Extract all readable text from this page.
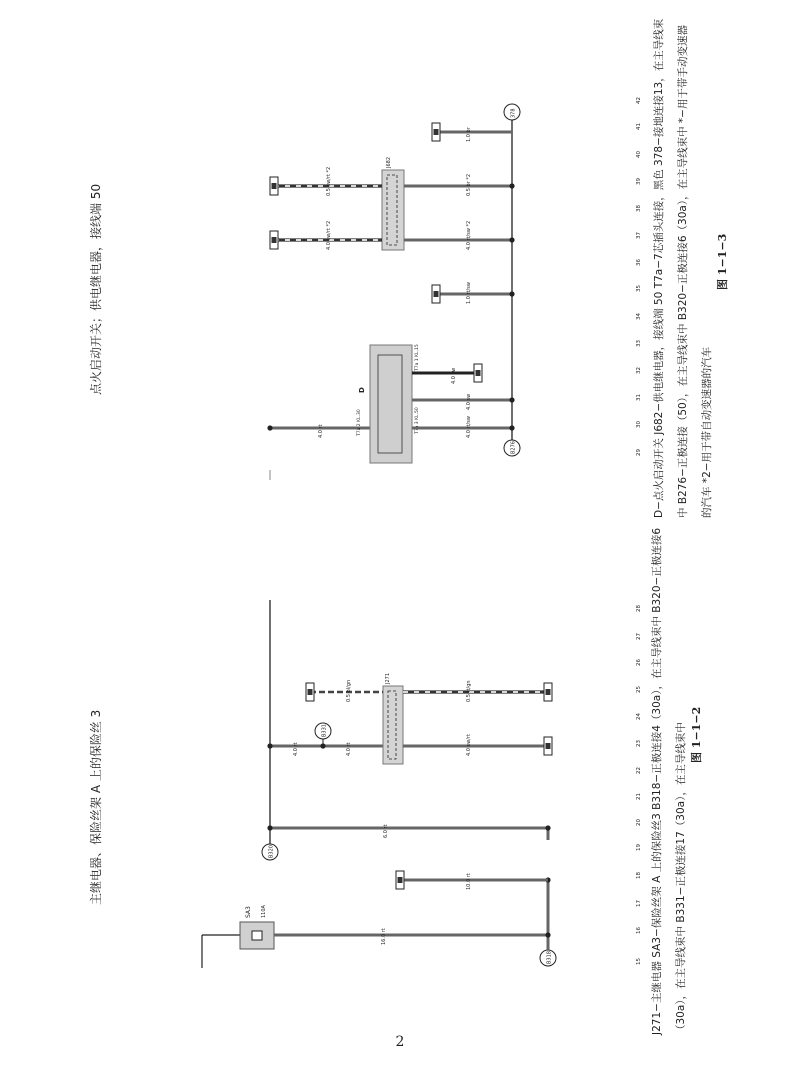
主继电器、保险丝架 A 上的保险丝 3
点火启动开关；供电继电器，接线端 50
J271−主继电器 SA3−保险丝架 A 上的保险丝3 B318−正极连接4（30a），在主导线束中 B320−正极连接6 （30a），在主导线束中 B331−正极连接17（30a），在主导线束中
D−点火启动开关 J682−供电继电器，接线端 50 T7a−7芯插头连接，黑色 378−接地连接13，在主导线束 中 B276−正极连接（50），在主导线束中 B320−正极连接6（30a），在主导线束中 *−用于带手动变速器 的汽车 *2−用于带自动变速器的汽车
图 1−1−2
图 1−1−3
15
16
17
18
19
20
21
22
23
24
25
26
27
28
29
30
31
32
33
34
35
36
37
38
39
40
41
42
SA3 110A
16.0 rt
B318
10.0 rt
B320
6.0 rt
4.0 rt	4.0 rt
B331
J271
4.0 sw/rt
0.5 bl/gn	0.5 rt/gn
4.0 rt
D
T7a 2 KL.30	T7a 3 KL.50
T7a 1 KL.15
4.0 rt/sw
4.0 sw
4.0 sw
B276
1.0 rt/sw
J682
4.0 rt/sw *2
0.5 br *2
378
1.0 br
4.0 sw/rt *2
0.5 sw/rt *2
2
